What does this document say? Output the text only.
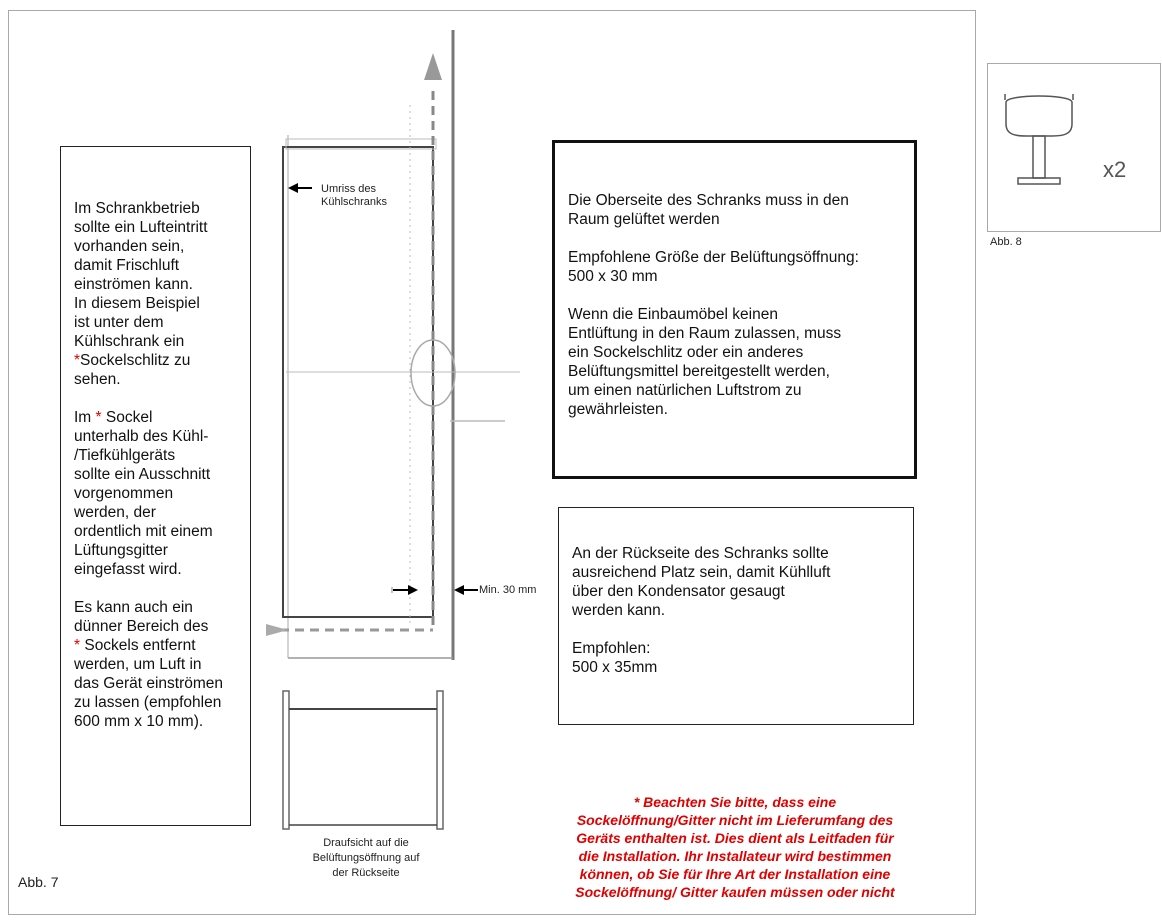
Abb. 7

Im Schrankbetrieb
sollte ein Lufteintritt
vorhanden sein,
damit Frischluft
einströmen kann.
In diesem Beispiel
ist unter dem
Kühlschrank ein
*Sockelschlitz zu
sehen.

Im * Sockel
unterhalb des Kühl-
/Tiefkühlgeräts
sollte ein Ausschnitt
vorgenommen
werden, der
ordentlich mit einem
Lüftungsgitter
eingefasst wird.

Es kann auch ein
dünner Bereich des
* Sockels entfernt
werden, um Luft in
das Gerät einströmen
zu lassen (empfohlen
600 mm x 10 mm).

Umriss des
Kühlschranks
Min. 30 mm
Draufsicht auf die
Belüftungsöffnung auf
der Rückseite

Die Oberseite des Schranks muss in den
Raum gelüftet werden

Empfohlene Größe der Belüftungsöffnung:
500 x 30 mm

Wenn die Einbaumöbel keinen
Entlüftung in den Raum zulassen, muss
ein Sockelschlitz oder ein anderes
Belüftungsmittel bereitgestellt werden,
um einen natürlichen Luftstrom zu
gewährleisten.

An der Rückseite des Schranks sollte
ausreichend Platz sein, damit Kühlluft
über den Kondensator gesaugt
werden kann.

Empfohlen:
500 x 35mm

* Beachten Sie bitte, dass eine
Sockelöffnung/Gitter nicht im Lieferumfang des
Geräts enthalten ist. Dies dient als Leitfaden für
die Installation. Ihr Installateur wird bestimmen
können, ob Sie für Ihre Art der Installation eine
Sockelöffnung/ Gitter kaufen müssen oder nicht
x2
Abb. 8
